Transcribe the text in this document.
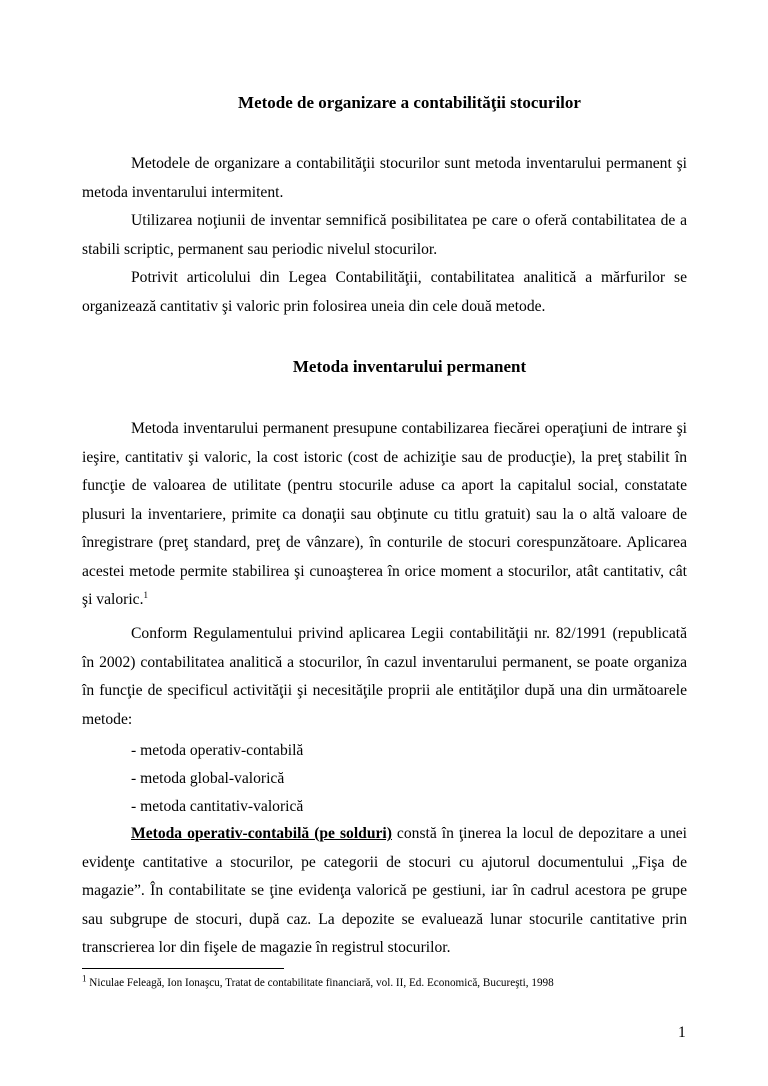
Metode de organizare a contabilităţii stocurilor

Metodele de organizare a contabilităţii stocurilor sunt metoda inventarului permanent şi metoda inventarului intermitent.

Utilizarea noţiunii de inventar semnifică posibilitatea pe care o oferă contabilitatea de a stabili scriptic, permanent sau periodic nivelul stocurilor.

Potrivit articolului din Legea Contabilităţii, contabilitatea analitică a mărfurilor se organizează cantitativ şi valoric prin folosirea uneia din cele două metode.

Metoda inventarului permanent

Metoda inventarului permanent presupune contabilizarea fiecărei operaţiuni de intrare şi ieşire, cantitativ şi valoric, la cost istoric (cost de achiziţie sau de producţie), la preţ stabilit în funcţie de valoarea de utilitate (pentru stocurile aduse ca aport la capitalul social, constatate plusuri la inventariere, primite ca donaţii sau obţinute cu titlu gratuit) sau la o altă valoare de înregistrare (preţ standard, preţ de vânzare), în conturile de stocuri corespunzătoare. Aplicarea acestei metode permite stabilirea şi cunoaşterea în orice moment a stocurilor, atât cantitativ, cât şi valoric.$^1$

Conform Regulamentului privind aplicarea Legii contabilităţii nr. 82/1991 (republicată în 2002) contabilitatea analitică a stocurilor, în cazul inventarului permanent, se poate organiza în funcţie de specificul activităţii şi necesităţile proprii ale entităţilor după una din următoarele metode:

- metoda operativ-contabilă
- metoda global-valorică
- metoda cantitativ-valorică

Metoda operativ-contabilă (pe solduri) constă în ţinerea la locul de depozitare a unei evidenţe cantitative a stocurilor, pe categorii de stocuri cu ajutorul documentului „Fişa de magazie”. În contabilitate se ţine evidenţa valorică pe gestiuni, iar în cadrul acestora pe grupe sau subgrupe de stocuri, după caz. La depozite se evaluează lunar stocurile cantitative prin transcrierea lor din fişele de magazie în registrul stocurilor.

$^1$ Niculae Feleagă, Ion Ionaşcu, Tratat de contabilitate financiară, vol. II, Ed. Economică, Bucureşti, 1998
1
